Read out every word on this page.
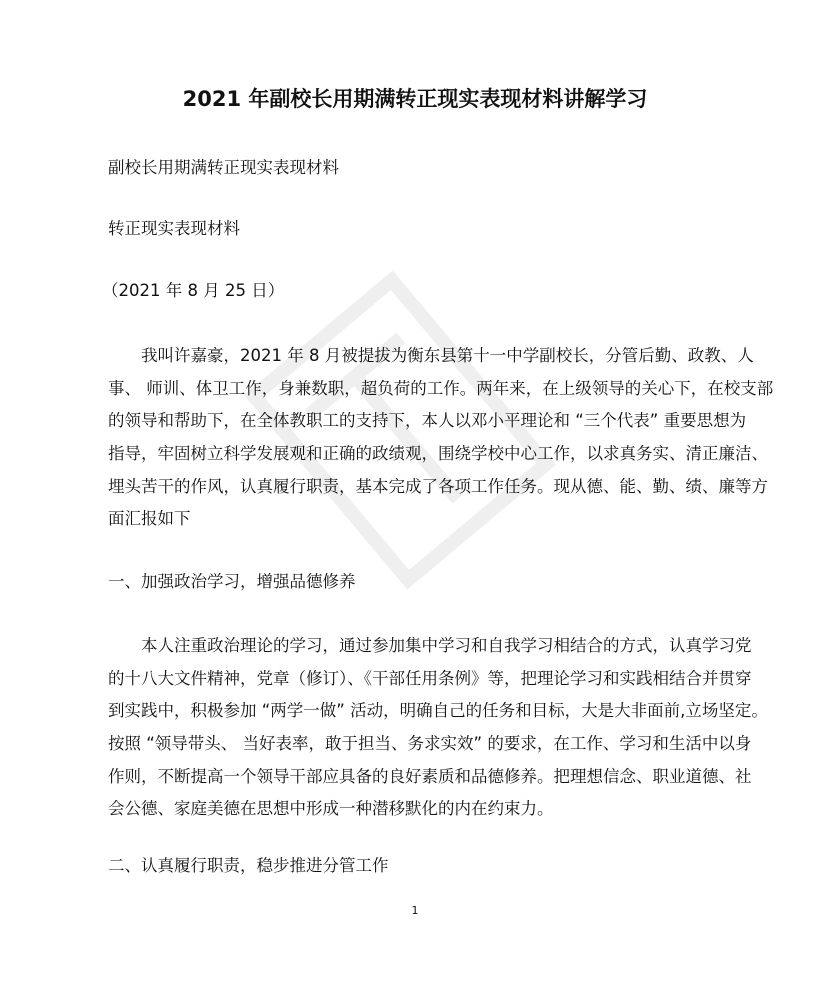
2021 年副校长用期满转正现实表现材料讲解学习
副校长用期满转正现实表现材料
转正现实表现材料
（2021 年 8 月 25 日）
　　我叫许嘉豪，2021 年 8 月被提拔为衡东县第十一中学副校长，分管后勤、政教、人
事、 师训、体卫工作，身兼数职，超负荷的工作。两年来，在上级领导的关心下，在校支部
的领导和帮助下，在全体教职工的支持下，本人以邓小平理论和 “三个代表” 重要思想为
指导，牢固树立科学发展观和正确的政绩观，围绕学校中心工作，以求真务实、清正廉洁、
埋头苦干的作风，认真履行职责，基本完成了各项工作任务。现从德、能、勤、绩、廉等方
面汇报如下
一、加强政治学习，增强品德修养
　　本人注重政治理论的学习，通过参加集中学习和自我学习相结合的方式，认真学习党
的十八大文件精神，党章（修订）、《干部任用条例》等，把理论学习和实践相结合并贯穿
到实践中，积极参加 “两学一做” 活动，明确自己的任务和目标，大是大非面前,立场坚定。
按照 “领导带头、 当好表率，敢于担当、务求实效” 的要求，在工作、学习和生活中以身
作则，不断提高一个领导干部应具备的良好素质和品德修养。把理想信念、职业道德、社
会公德、家庭美德在思想中形成一种潜移默化的内在约束力。
二、认真履行职责，稳步推进分管工作
1
